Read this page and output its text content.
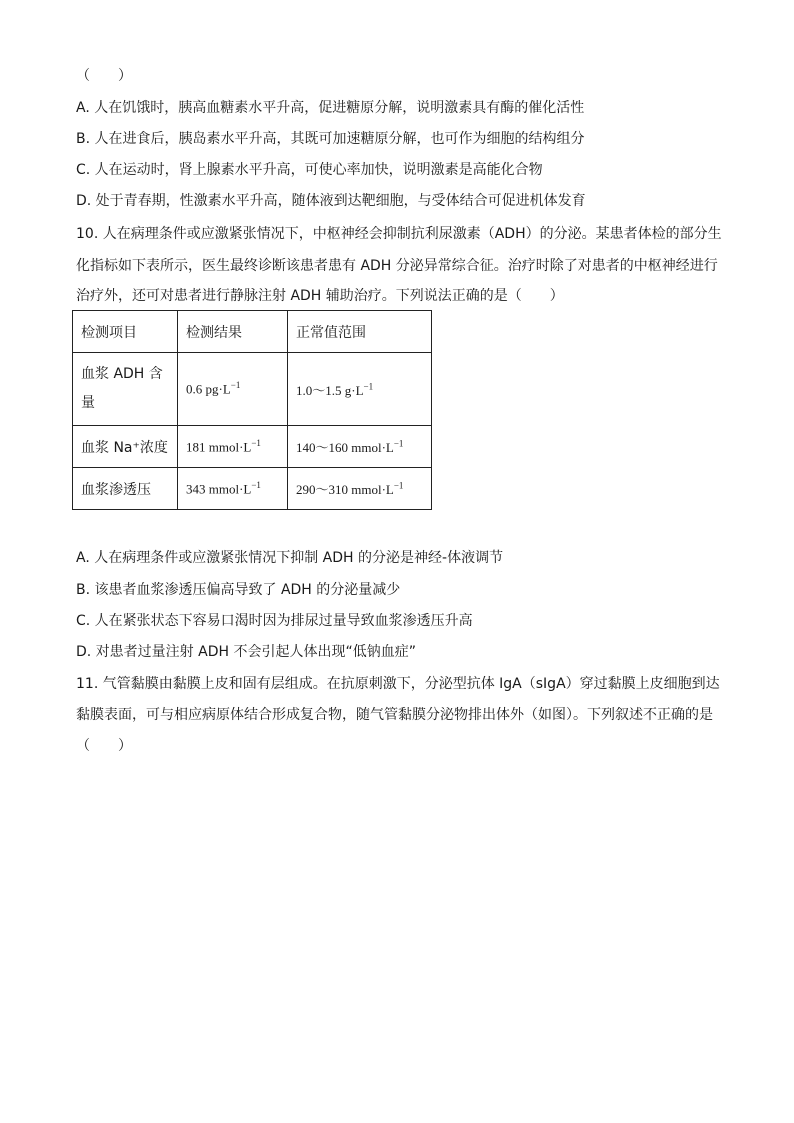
（　　）
A. 人在饥饿时，胰高血糖素水平升高，促进糖原分解，说明激素具有酶的催化活性
B. 人在进食后，胰岛素水平升高，其既可加速糖原分解，也可作为细胞的结构组分
C. 人在运动时，肾上腺素水平升高，可使心率加快，说明激素是高能化合物
D. 处于青春期，性激素水平升高，随体液到达靶细胞，与受体结合可促进机体发育
10. 人在病理条件或应激紧张情况下，中枢神经会抑制抗利尿激素（ADH）的分泌。某患者体检的部分生
化指标如下表所示，医生最终诊断该患者患有 ADH 分泌异常综合征。治疗时除了对患者的中枢神经进行
治疗外，还可对患者进行静脉注射 ADH 辅助治疗。下列说法正确的是（　　）
检测项目	检测结果	正常值范围
血浆 ADH 含
量	0.6 $pg\cdot L^{-1}$	1.0～1.5 $g\cdot L^{-1}$
血浆 Na⁺浓度	181 $mmol\cdot L^{-1}$	140～160 $mmol\cdot L^{-1}$
血浆渗透压	343 $mmol\cdot L^{-1}$	290～310 $mmol\cdot L^{-1}$
A. 人在病理条件或应激紧张情况下抑制 ADH 的分泌是神经-体液调节
B. 该患者血浆渗透压偏高导致了 ADH 的分泌量减少
C. 人在紧张状态下容易口渴时因为排尿过量导致血浆渗透压升高
D. 对患者过量注射 ADH 不会引起人体出现“低钠血症”
11. 气管黏膜由黏膜上皮和固有层组成。在抗原刺激下，分泌型抗体 IgA（sIgA）穿过黏膜上皮细胞到达
黏膜表面，可与相应病原体结合形成复合物，随气管黏膜分泌物排出体外（如图）。下列叙述不正确的是
（　　）
